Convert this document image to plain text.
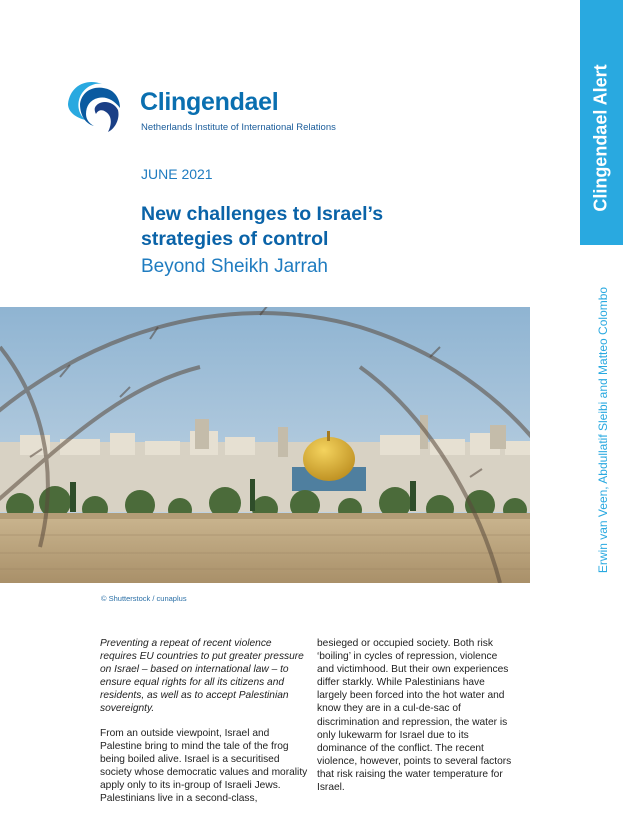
Clingendael
Netherlands Institute of International Relations
JUNE 2021
New challenges to Israel’s
strategies of control
Beyond Sheikh Jarrah
Clingendael Alert
Erwin van Veen, Abdullatif Sleibi and Matteo Colombo
© Shutterstock / cunaplus

Preventing a repeat of recent violence requires EU countries to put greater pressure on Israel – based on international law – to ensure equal rights for all its citizens and residents, as well as to accept Palestinian sovereignty.

From an outside viewpoint, Israel and Palestine bring to mind the tale of the frog being boiled alive. Israel is a securitised society whose democratic values and morality apply only to its in-group of Israeli Jews. Palestinians live in a second-class,

besieged or occupied society. Both risk ‘boiling’ in cycles of repression, violence and victimhood. But their own experiences differ starkly. While Palestinians have largely been forced into the hot water and know they are in a cul-de-sac of discrimination and repression, the water is only lukewarm for Israel due to its dominance of the conflict. The recent violence, however, points to several factors that risk raising the water temperature for Israel.
